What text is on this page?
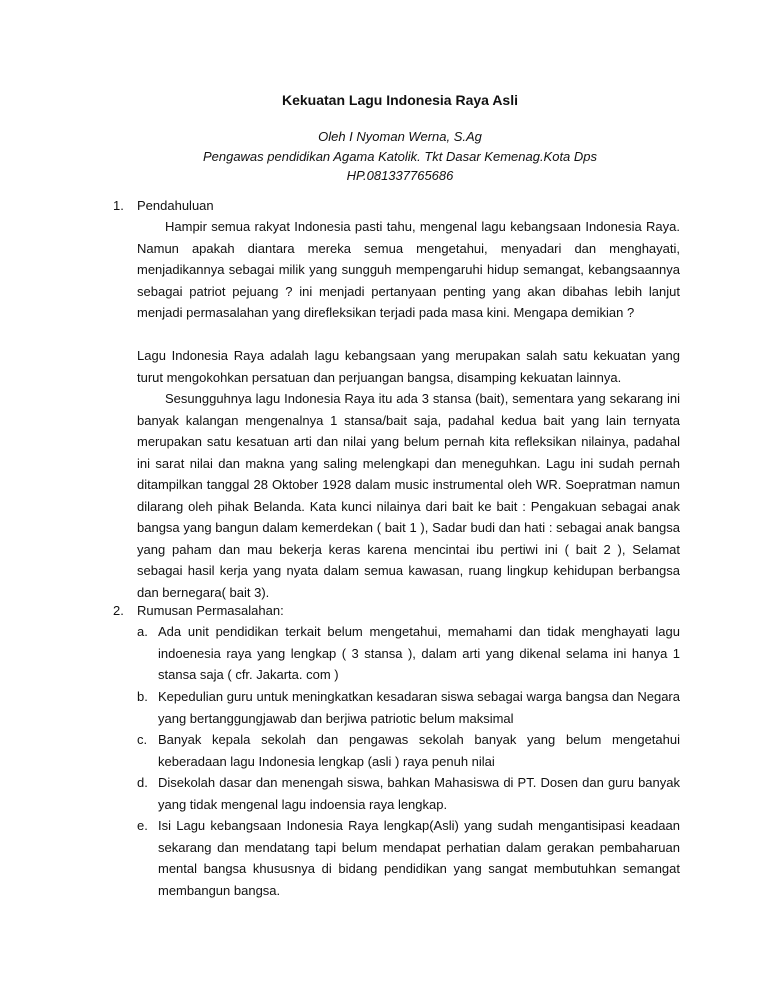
Kekuatan Lagu Indonesia Raya Asli
Oleh I Nyoman Werna, S.Ag
Pengawas pendidikan Agama Katolik. Tkt Dasar Kemenag.Kota Dps
HP.081337765686
1. Pendahuluan
Hampir semua rakyat Indonesia pasti tahu, mengenal lagu kebangsaan Indonesia Raya. Namun apakah diantara mereka semua mengetahui, menyadari dan menghayati, menjadikannya sebagai milik yang sungguh mempengaruhi hidup semangat, kebangsaannya sebagai patriot pejuang ? ini menjadi pertanyaan penting yang akan dibahas lebih lanjut menjadi permasalahan yang direfleksikan terjadi pada masa kini. Mengapa demikian ?
Lagu Indonesia Raya adalah lagu kebangsaan yang merupakan salah satu kekuatan yang turut mengokohkan persatuan dan perjuangan bangsa, disamping kekuatan lainnya.
Sesungguhnya lagu Indonesia Raya itu ada 3 stansa (bait), sementara yang sekarang ini banyak kalangan mengenalnya 1 stansa/bait saja, padahal kedua bait yang lain ternyata merupakan satu kesatuan arti dan nilai yang belum pernah kita refleksikan nilainya, padahal ini sarat nilai dan makna yang saling melengkapi dan meneguhkan. Lagu ini sudah pernah ditampilkan tanggal 28 Oktober 1928 dalam music instrumental oleh WR. Soepratman namun dilarang oleh pihak Belanda. Kata kunci nilainya dari bait ke bait : Pengakuan sebagai anak bangsa yang bangun dalam kemerdekan ( bait 1 ), Sadar budi dan hati : sebagai anak bangsa yang paham dan mau bekerja keras karena mencintai ibu pertiwi ini ( bait 2 ), Selamat sebagai hasil kerja yang nyata dalam semua kawasan, ruang lingkup kehidupan berbangsa dan bernegara( bait 3).
2. Rumusan Permasalahan:
a. Ada unit pendidikan terkait belum mengetahui, memahami dan tidak menghayati lagu indoenesia raya yang lengkap ( 3 stansa ), dalam arti yang dikenal selama ini hanya 1 stansa saja ( cfr. Jakarta. com )
b. Kepedulian guru untuk meningkatkan kesadaran siswa sebagai warga bangsa dan Negara yang bertanggungjawab dan berjiwa patriotic belum maksimal
c. Banyak kepala sekolah dan pengawas sekolah banyak yang belum mengetahui keberadaan lagu Indonesia lengkap (asli ) raya penuh nilai
d. Disekolah dasar dan menengah siswa, bahkan Mahasiswa di PT. Dosen dan guru banyak yang tidak mengenal lagu indoensia raya lengkap.
e. Isi Lagu kebangsaan Indonesia Raya lengkap(Asli) yang sudah mengantisipasi keadaan sekarang dan mendatang tapi belum mendapat perhatian dalam gerakan pembaharuan mental bangsa khususnya di bidang pendidikan yang sangat membutuhkan semangat membangun bangsa.
